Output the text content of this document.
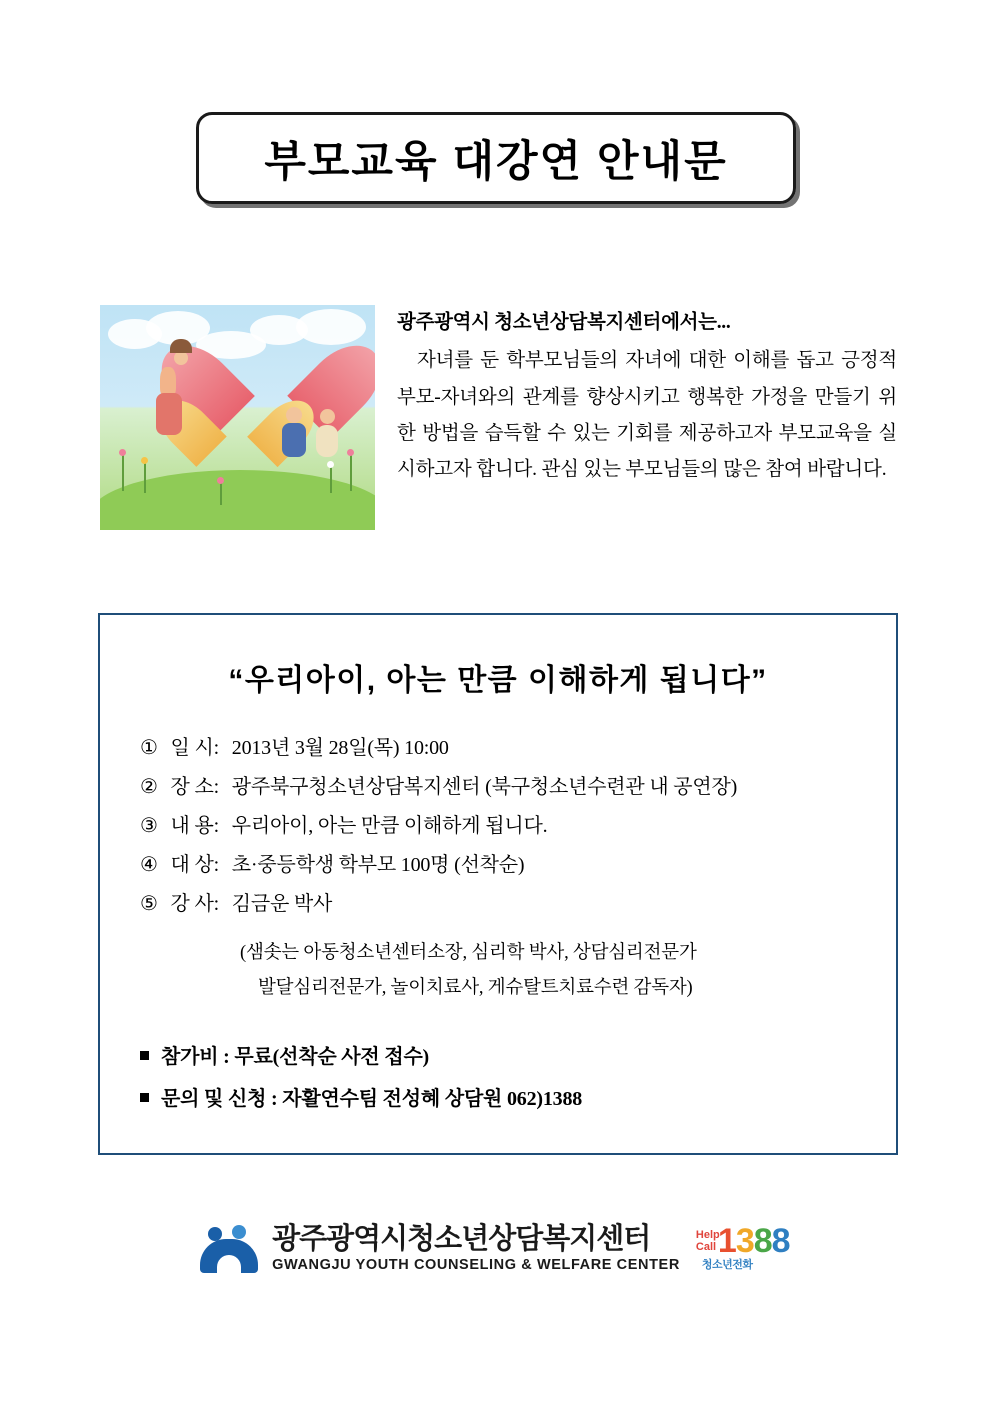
부모교육 대강연 안내문
광주광역시 청소년상담복지센터에서는...
자녀를 둔 학부모님들의 자녀에 대한 이해를 돕고 긍정적 부모-자녀와의 관계를 향상시키고 행복한 가정을 만들기 위한 방법을 습득할 수 있는 기회를 제공하고자 부모교육을 실시하고자 합니다. 관심 있는 부모님들의 많은 참여 바랍니다.
“우리아이, 아는 만큼 이해하게 됩니다”
① 일 시: 2013년 3월 28일(목) 10:00
② 장 소: 광주북구청소년상담복지센터 (북구청소년수련관 내 공연장)
③ 내 용: 우리아이, 아는 만큼 이해하게 됩니다.
④ 대 상: 초·중등학생 학부모 100명 (선착순)
⑤ 강 사: 김금운 박사
(샘솟는 아동청소년센터소장, 심리학 박사, 상담심리전문가
발달심리전문가, 놀이치료사, 게슈탈트치료수련 감독자)
참가비 : 무료(선착순 사전 접수)
문의 및 신청 : 자활연수팀 전성혜 상담원 062)1388
광주광역시청소년상담복지센터
GWANGJU YOUTH COUNSELING & WELFARE CENTER
Help
Call 1388
청소년전화
